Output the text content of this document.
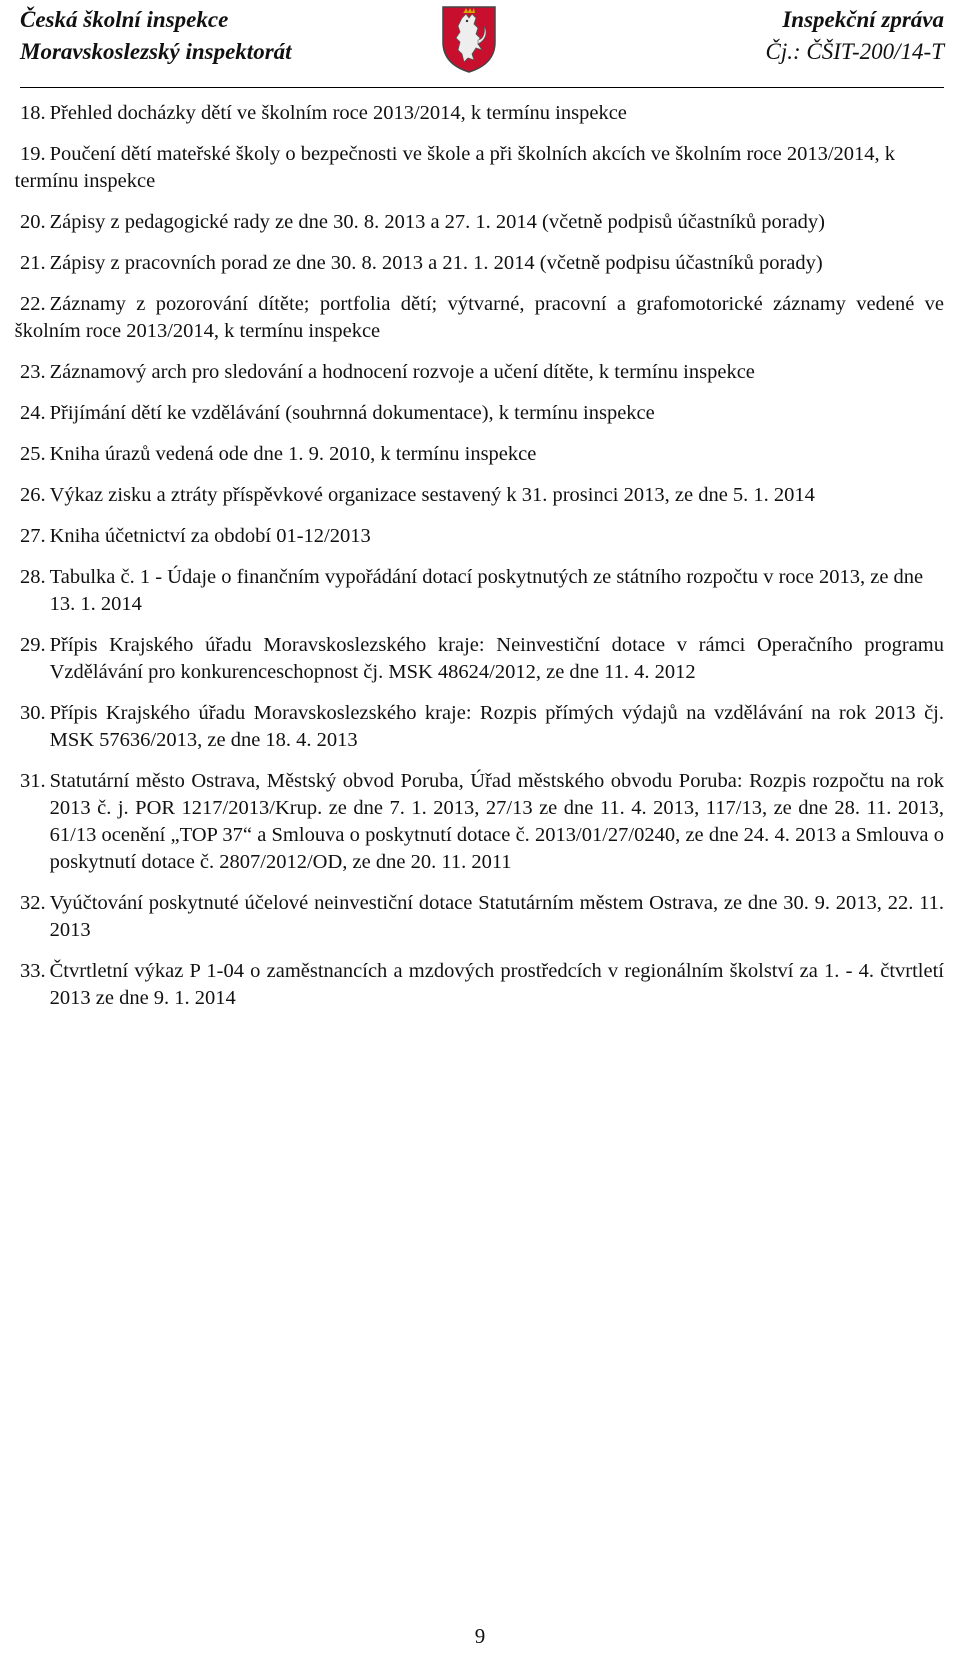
Česká školní inspekce
Moravskoslezský inspektorát
Inspekční zpráva
Čj.: ČŠIT-200/14-T
18. Přehled docházky dětí ve školním roce 2013/2014, k termínu inspekce
19. Poučení dětí mateřské školy o bezpečnosti ve škole a při školních akcích ve školním roce 2013/2014, k termínu inspekce
20. Zápisy z pedagogické rady ze dne 30. 8. 2013 a 27. 1. 2014 (včetně podpisů účastníků porady)
21. Zápisy z pracovních porad ze dne 30. 8. 2013 a 21. 1. 2014 (včetně podpisu účastníků porady)
22. Záznamy z pozorování dítěte; portfolia dětí; výtvarné, pracovní a grafomotorické záznamy vedené ve školním roce 2013/2014, k termínu inspekce
23. Záznamový arch pro sledování a hodnocení rozvoje a učení dítěte, k termínu inspekce
24. Přijímání dětí ke vzdělávání (souhrnná dokumentace), k termínu inspekce
25. Kniha úrazů vedená ode dne 1. 9. 2010, k termínu inspekce
26. Výkaz zisku a ztráty příspěvkové organizace sestavený k 31. prosinci 2013, ze dne 5. 1. 2014
27. Kniha účetnictví za období 01-12/2013
28. Tabulka č. 1 - Údaje o finančním vypořádání dotací poskytnutých ze státního rozpočtu v roce 2013, ze dne 13. 1. 2014
29. Přípis Krajského úřadu Moravskoslezského kraje: Neinvestiční dotace v rámci Operačního programu Vzdělávání pro konkurenceschopnost čj. MSK 48624/2012, ze dne 11. 4. 2012
30. Přípis Krajského úřadu Moravskoslezského kraje: Rozpis přímých výdajů na vzdělávání na rok 2013 čj. MSK 57636/2013, ze dne 18. 4. 2013
31. Statutární město Ostrava, Městský obvod Poruba, Úřad městského obvodu Poruba: Rozpis rozpočtu na rok 2013 č. j. POR 1217/2013/Krup. ze dne 7. 1. 2013, 27/13 ze dne 11. 4. 2013, 117/13, ze dne 28. 11. 2013, 61/13 ocenění „TOP 37“ a Smlouva o poskytnutí dotace č. 2013/01/27/0240, ze dne 24. 4. 2013 a Smlouva o poskytnutí dotace č. 2807/2012/OD, ze dne 20. 11. 2011
32. Vyúčtování poskytnuté účelové neinvestiční dotace Statutárním městem Ostrava, ze dne 30. 9. 2013, 22. 11. 2013
33. Čtvrtletní výkaz P 1-04 o zaměstnancích a mzdových prostředcích v regionálním školství za 1. - 4. čtvrtletí 2013 ze dne 9. 1. 2014
9
